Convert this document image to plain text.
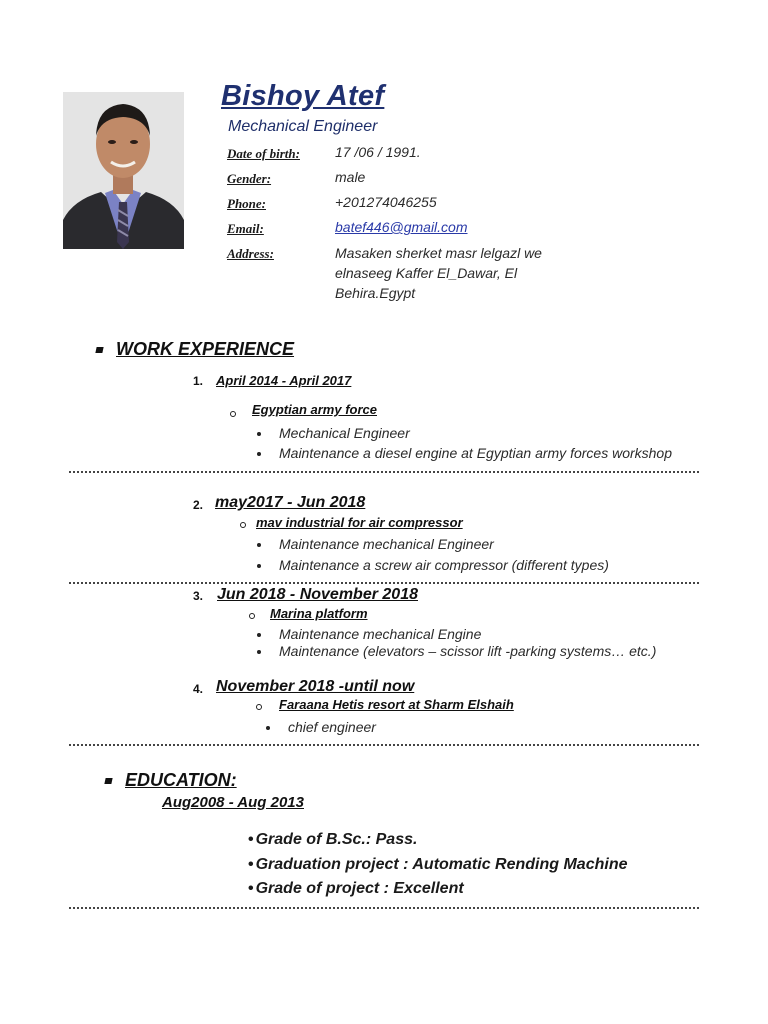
Bishoy Atef
Mechanical Engineer
Date of birth:	17 /06 / 1991.
Gender:	male
Phone:	+201274046255
Email:	batef446@gmail.com
Address:	Masaken sherket masr lelgazl we elnaseeg Kaffer El_Dawar, El Behira.Egypt
WORK EXPERIENCE
1. April 2014 - April 2017
Egyptian army force
Mechanical Engineer
Maintenance a diesel engine at Egyptian army forces workshop
2. may2017 - Jun 2018
mav industrial for air compressor
Maintenance mechanical Engineer
Maintenance a screw air compressor (different types)
3. Jun 2018 - November 2018
Marina platform
Maintenance mechanical Engine
Maintenance (elevators – scissor lift -parking systems… etc.)
4. November 2018 -until now
Faraana Hetis resort at Sharm Elshaih
chief engineer
EDUCATION:
Aug2008 - Aug 2013
• Grade of B.Sc.: Pass.
• Graduation project : Automatic Rending Machine
• Grade of project : Excellent
